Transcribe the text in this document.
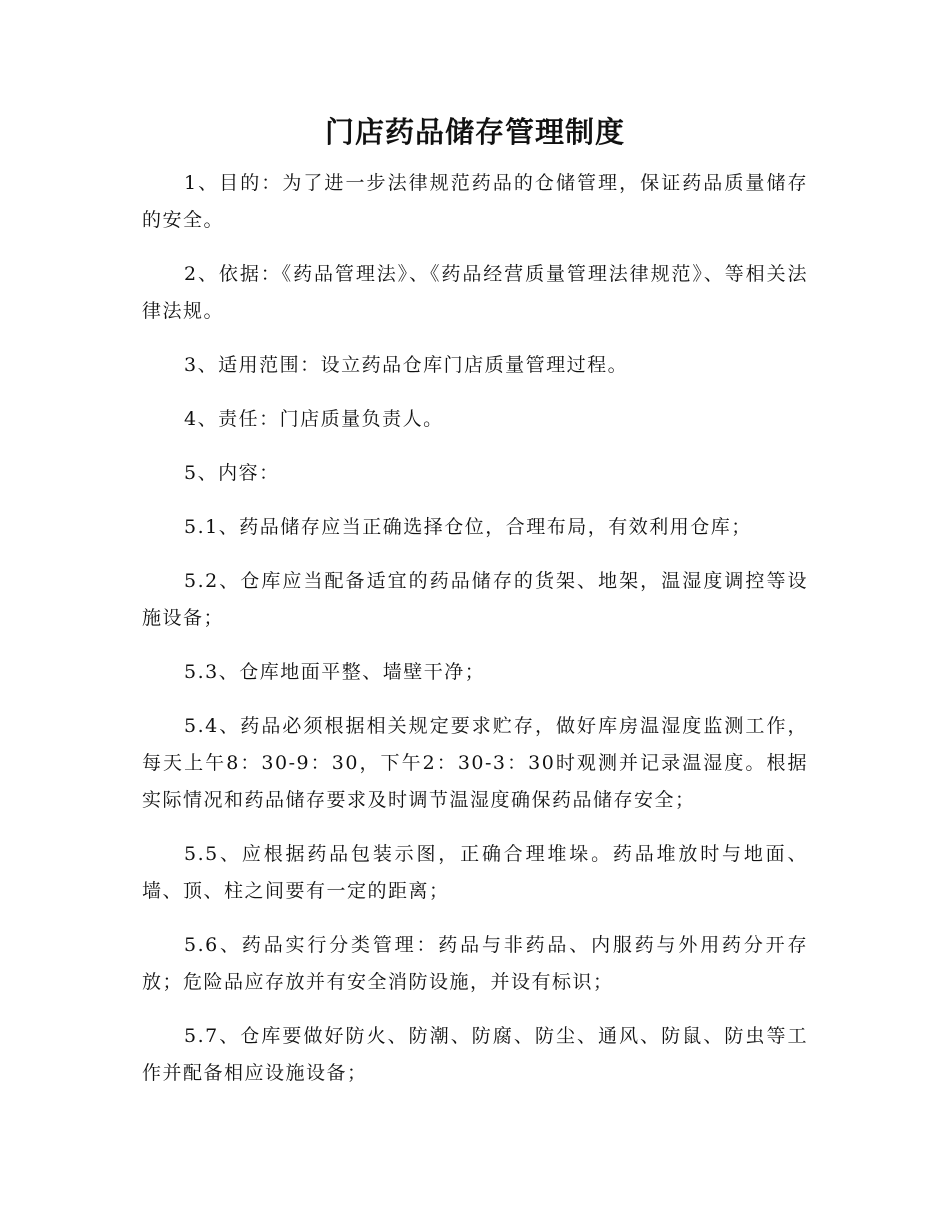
门店药品储存管理制度

1、目的：为了进一步法律规范药品的仓储管理，保证药品质量储存的安全。

2、依据：《药品管理法》、《药品经营质量管理法律规范》、等相关法律法规。

3、适用范围：设立药品仓库门店质量管理过程。

4、责任：门店质量负责人。

5、内容：

5.1、药品储存应当正确选择仓位，合理布局，有效利用仓库；

5.2、仓库应当配备适宜的药品储存的货架、地架，温湿度调控等设施设备；

5.3、仓库地面平整、墙壁干净；

5.4、药品必须根据相关规定要求贮存，做好库房温湿度监测工作，每天上午8：30-9：30，下午2：30-3：30时观测并记录温湿度。根据实际情况和药品储存要求及时调节温湿度确保药品储存安全；

5.5、应根据药品包装示图，正确合理堆垛。药品堆放时与地面、墙、顶、柱之间要有一定的距离；

5.6、药品实行分类管理：药品与非药品、内服药与外用药分开存放；危险品应存放并有安全消防设施，并设有标识；

5.7、仓库要做好防火、防潮、防腐、防尘、通风、防鼠、防虫等工作并配备相应设施设备；
